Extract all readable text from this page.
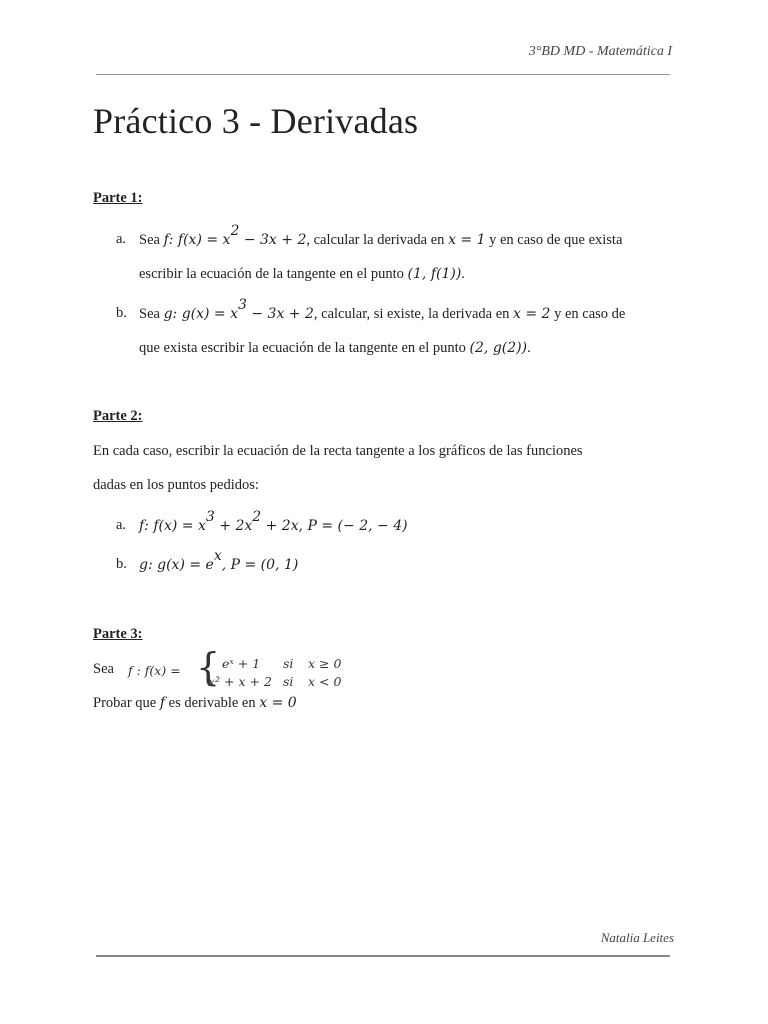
3°BD MD - Matemática I
Práctico 3 - Derivadas
Parte 1:
a. Sea f: $f(x) = x^2 - 3x + 2$, calcular la derivada en x = 1 y en caso de que exista
escribir la ecuación de la tangente en el punto (1, f(1)).
b. Sea g: $g(x) = x^3 - 3x + 2$, calcular, si existe, la derivada en x = 2 y en caso de
que exista escribir la ecuación de la tangente en el punto (2, g(2)).
Parte 2:
En cada caso, escribir la ecuación de la recta tangente a los gráficos de las funciones
dadas en los puntos pedidos:
a. f: $f(x) = x^3 + 2x^2 + 2x$, P = (− 2, − 4)
b. g: $g(x) = e^x$, P = (0, 1)
Parte 3:
Sea f : f(x) = { eˣ + 1 si x ≥ 0
x² + x + 2 si x < 0
Probar que f es derivable en x = 0
Natalia Leites
